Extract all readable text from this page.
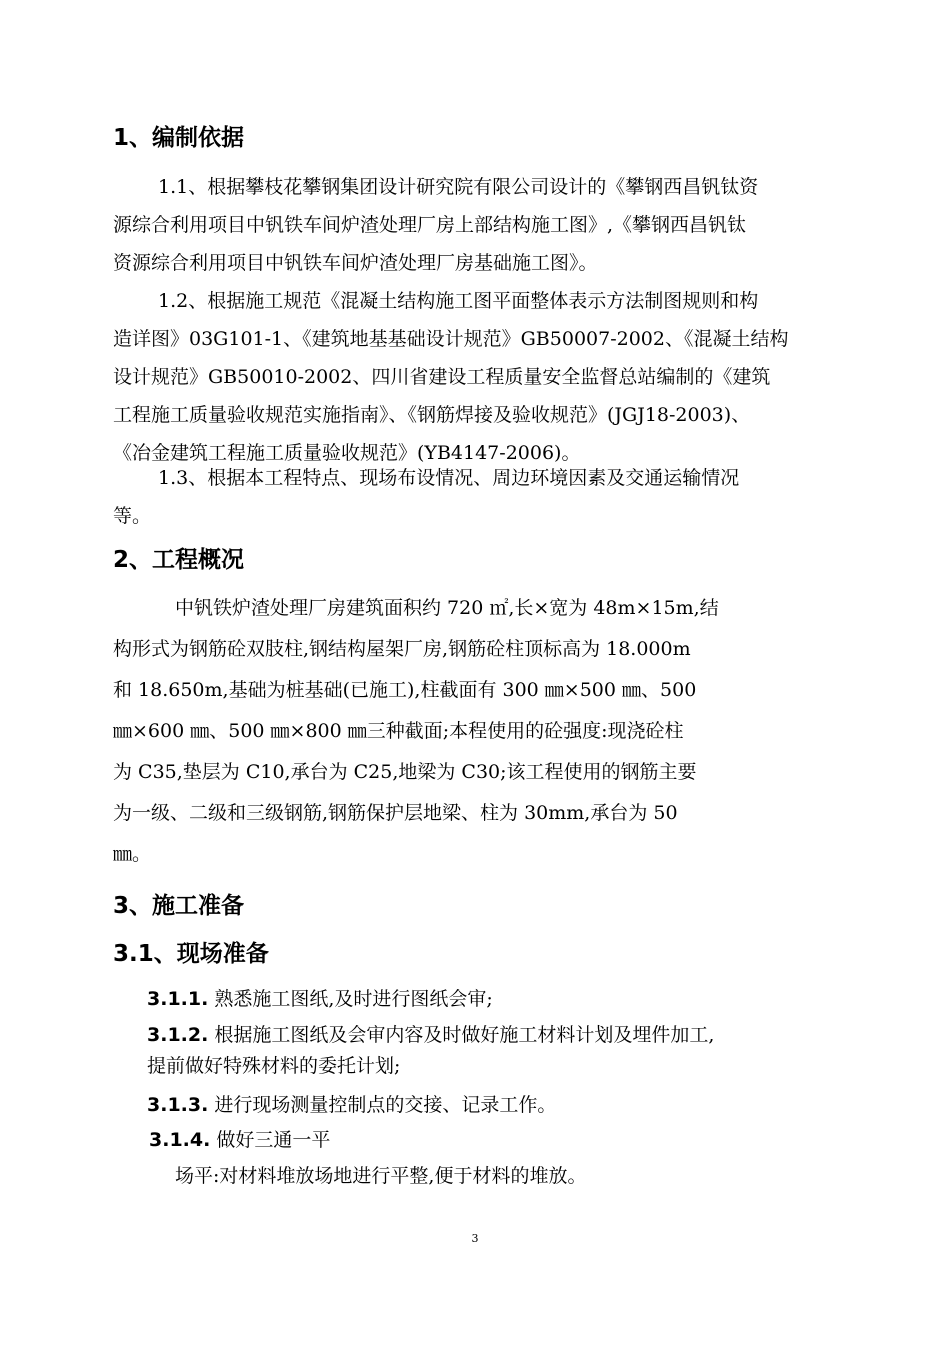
1、编制依据
1.1、根据攀枝花攀钢集团设计研究院有限公司设计的《攀钢西昌钒钛资
源综合利用项目中钒铁车间炉渣处理厂房上部结构施工图》,《攀钢西昌钒钛
资源综合利用项目中钒铁车间炉渣处理厂房基础施工图》。
1.2、根据施工规范《混凝土结构施工图平面整体表示方法制图规则和构
造详图》03G101-1、《建筑地基基础设计规范》GB50007-2002、《混凝土结构
设计规范》GB50010-2002、四川省建设工程质量安全监督总站编制的《建筑
工程施工质量验收规范实施指南》、《钢筋焊接及验收规范》(JGJ18-2003)、
《冶金建筑工程施工质量验收规范》(YB4147-2006)。
1.3、根据本工程特点、现场布设情况、周边环境因素及交通运输情况
等。
2、工程概况
中钒铁炉渣处理厂房建筑面积约 720 ㎡,长×宽为 48m×15m,结
构形式为钢筋砼双肢柱,钢结构屋架厂房,钢筋砼柱顶标高为 18.000m
和 18.650m,基础为桩基础(已施工),柱截面有 300 ㎜×500 ㎜、500
㎜×600 ㎜、500 ㎜×800 ㎜三种截面;本程使用的砼强度:现浇砼柱
为 C35,垫层为 C10,承台为 C25,地梁为 C30;该工程使用的钢筋主要
为一级、二级和三级钢筋,钢筋保护层地梁、柱为 30mm,承台为 50
㎜。
3、施工准备
3.1、现场准备
3.1.1. 熟悉施工图纸,及时进行图纸会审;
3.1.2. 根据施工图纸及会审内容及时做好施工材料计划及埋件加工,
提前做好特殊材料的委托计划;
3.1.3. 进行现场测量控制点的交接、记录工作。
3.1.4. 做好三通一平
场平:对材料堆放场地进行平整,便于材料的堆放。
3
